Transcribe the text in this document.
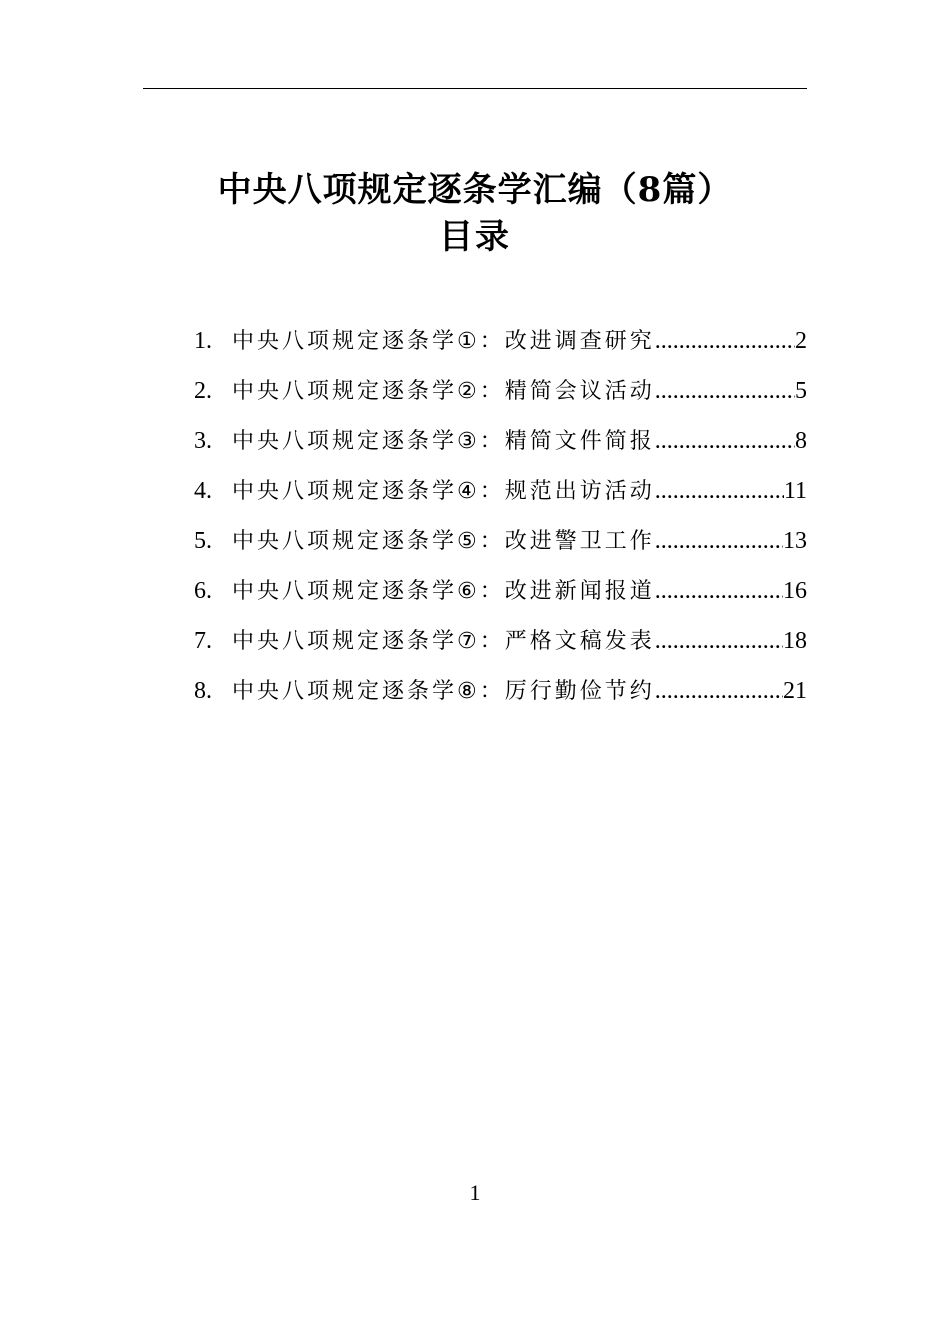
中央八项规定逐条学汇编（8篇）
目录
1. 中央八项规定逐条学①：改进调查研究 .....	2
2. 中央八项规定逐条学②：精简会议活动 .....	5
3. 中央八项规定逐条学③：精简文件简报 .....	8
4. 中央八项规定逐条学④：规范出访活动 .....	11
5. 中央八项规定逐条学⑤：改进警卫工作 .....	13
6. 中央八项规定逐条学⑥：改进新闻报道 .....	16
7. 中央八项规定逐条学⑦：严格文稿发表 .....	18
8. 中央八项规定逐条学⑧：厉行勤俭节约 .....	21
1
